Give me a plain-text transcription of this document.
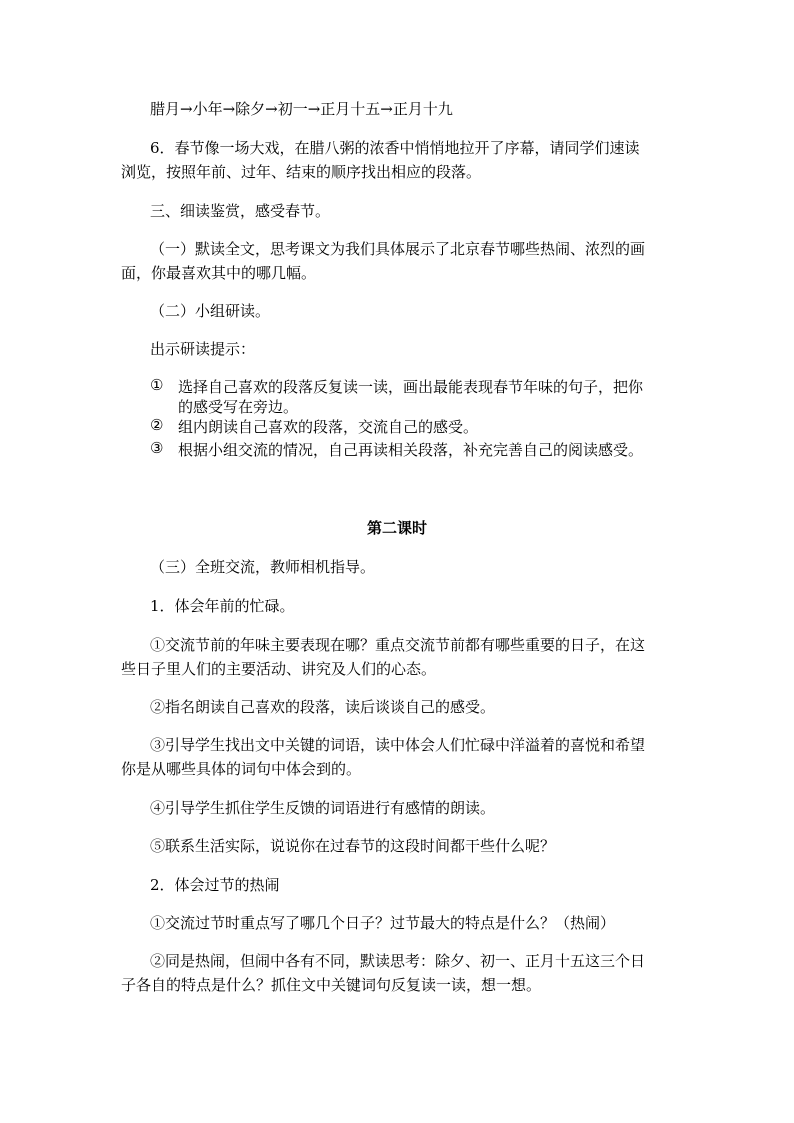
腊月→小年→除夕→初一→正月十五→正月十九
6．春节像一场大戏，在腊八粥的浓香中悄悄地拉开了序幕，请同学们速读
浏览，按照年前、过年、结束的顺序找出相应的段落。
三、细读鉴赏，感受春节。
（一）默读全文，思考课文为我们具体展示了北京春节哪些热闹、浓烈的画
面，你最喜欢其中的哪几幅。
（二）小组研读。
出示研读提示：
① 选择自己喜欢的段落反复读一读，画出最能表现春节年味的句子，把你
的感受写在旁边。
② 组内朗读自己喜欢的段落，交流自己的感受。
③ 根据小组交流的情况，自己再读相关段落，补充完善自己的阅读感受。
第二课时
（三）全班交流，教师相机指导。
1．体会年前的忙碌。
①交流节前的年味主要表现在哪？重点交流节前都有哪些重要的日子，在这
些日子里人们的主要活动、讲究及人们的心态。
②指名朗读自己喜欢的段落，读后谈谈自己的感受。
③引导学生找出文中关键的词语，读中体会人们忙碌中洋溢着的喜悦和希望
你是从哪些具体的词句中体会到的。
④引导学生抓住学生反馈的词语进行有感情的朗读。
⑤联系生活实际，说说你在过春节的这段时间都干些什么呢？
2．体会过节的热闹
①交流过节时重点写了哪几个日子？过节最大的特点是什么？（热闹）
②同是热闹，但闹中各有不同，默读思考：除夕、初一、正月十五这三个日
子各自的特点是什么？抓住文中关键词句反复读一读，想一想。
